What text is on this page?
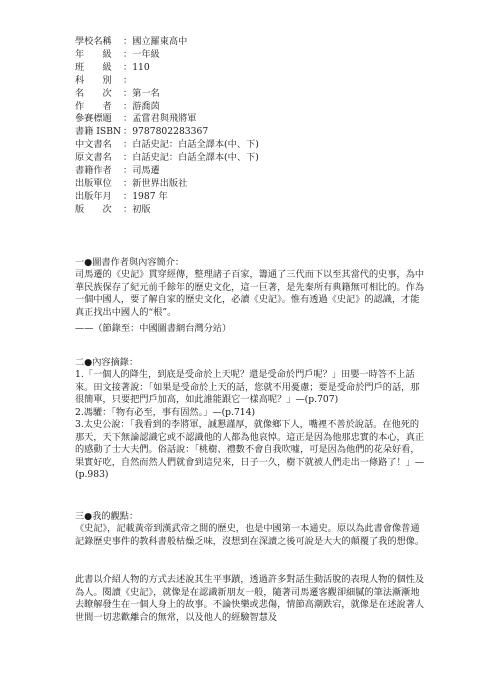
學校名稱 ：國立羅東高中
年　　級 ：一年級
班　　級 ：110
科　　別 ：
名　　次 ：第一名
作　　者 ：游喬茵
參賽標題 ：孟嘗君與飛將軍
書籍 ISBN ：9787802283367
中文書名 ：白話史記：白話全譯本(中、下)
原文書名 ：白話史記：白話全譯本(中、下)
書籍作者 ：司馬遷
出版單位 ：新世界出版社
出版年月 ：1987 年
版　　次 ：初版
一●圖書作者與內容簡介：

司馬遷的《史記》貫穿經傳，整理諸子百家，籌通了三代而下以至其當代的史事，為中華民族保存了紀元前千餘年的歷史文化，這一巨著，是先秦所有典籍無可相比的。作為一個中國人，要了解自家的歷史文化，必讀《史記》。惟有透過《史記》的認識，才能真正找出中國人的“根”。

——（節錄至：中國圖書網台灣分站）
二●內容摘錄：

1.「一個人的降生，到底是受命於上天呢？還是受命於門戶呢？」田嬰一時答不上話來。田文接著說：「如果是受命於上天的話，您就不用憂慮；要是受命於門戶的話，那很簡單，只要把門戶加高，如此誰能跟它一樣高呢？」—(p.707)

2.馮驩：「物有必至，事有固然。」—(p.714)

3.太史公說：「我看到的李將軍，誠懇謹厚，就像鄉下人，嘴裡不善於說話。在他死的那天，天下無論認識它或不認識他的人都為他哀悼。這正是因為他那忠實的本心，真正的感動了士大夫們。俗話說：「桃樹、禮數不會自我吹噓，可是因為他們的花朵好看，果實好吃，自然而然人們就會到這兒來，日子一久，樹下就被人們走出一條路了！」—(p.983)

三●我的觀點：

《史記》，記載黃帝到漢武帝之間的歷史，也是中國第一本通史。原以為此書會像普通記錄歷史事件的教科書般枯燥乏味，沒想到在深讀之後可說是大大的顛覆了我的想像。

此書以介紹人物的方式去述說其生平事蹟，透過許多對話生動活脫的表現人物的個性及為人。閱讀《史記》，就像是在認識新朋友一般，隨著司馬遷客觀卻細膩的筆法漸漸地去瞭解發生在一個人身上的故事。不論快樂或悲傷，情節高潮跌宕，就像是在述說著人世間一切悲歡離合的無常，以及他人的經驗智慧及
